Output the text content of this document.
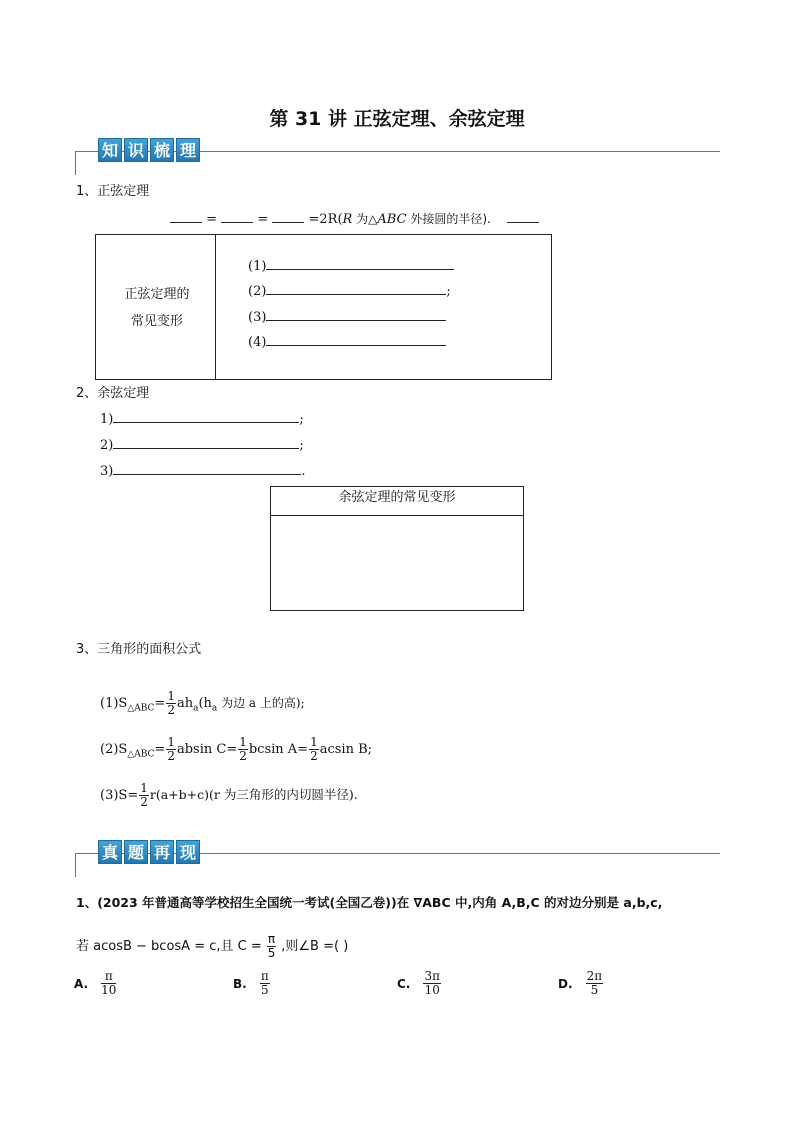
第 31 讲 正弦定理、余弦定理
知 识 梳 理
1、正弦定理
=	=	=2R(R 为△ABC 外接圆的半径).
正弦定理的常见变形
(1)
(2)	;
(3)
(4)
2、余弦定理
1)	;
2)	;
3)	.
余弦定理的常见变形
3、三角形的面积公式
$(1)S_{\triangle ABC}= \frac{1}{2} ah_a(h_a$ 为边 a 上的高);
$(2)S_{\triangle ABC}= \frac{1}{2}$ absin $C= \frac{1}{2}$ bcsin $A= \frac{1}{2}$ acsin B;
$(3)S= \frac{1}{2} r(a+b+c)(r$ 为三角形的内切圆半径).
真 题 再 现
1、(2023 年普通高等学校招生全国统一考试(全国乙卷))在 ∇ABC 中,内角 A,B,C 的对边分别是 a,b,c,
若 acosB − bcosA = c,且 $C = \frac{\pi}{5}$ ,则∠B =( )
A. $\frac{\pi}{10}$	B. $\frac{\pi}{5}$	C. $\frac{3\pi}{10}$	D. $\frac{2\pi}{5}$
